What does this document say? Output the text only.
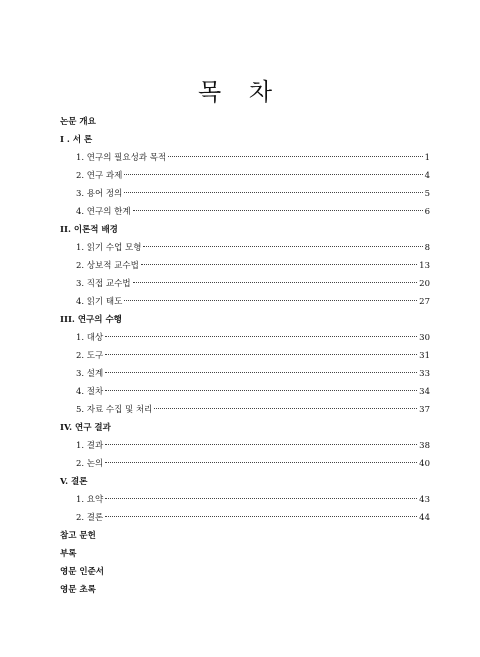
목 차
논문 개요
I . 서 론
1. 연구의 필요성과 목적	1
2. 연구 과제	4
3. 용어 정의	5
4. 연구의 한계	6
II. 이론적 배경
1. 읽기 수업 모형	8
2. 상보적 교수법	13
3. 직접 교수법	20
4. 읽기 태도	27
III. 연구의 수행
1. 대상	30
2. 도구	31
3. 설계	33
4. 절차	34
5. 자료 수집 및 처리	37
IV. 연구 결과
1. 결과	38
2. 논의	40
V. 결론
1. 요약	43
2. 결론	44
참고 문헌
부록
영문 인준서
영문 초록
